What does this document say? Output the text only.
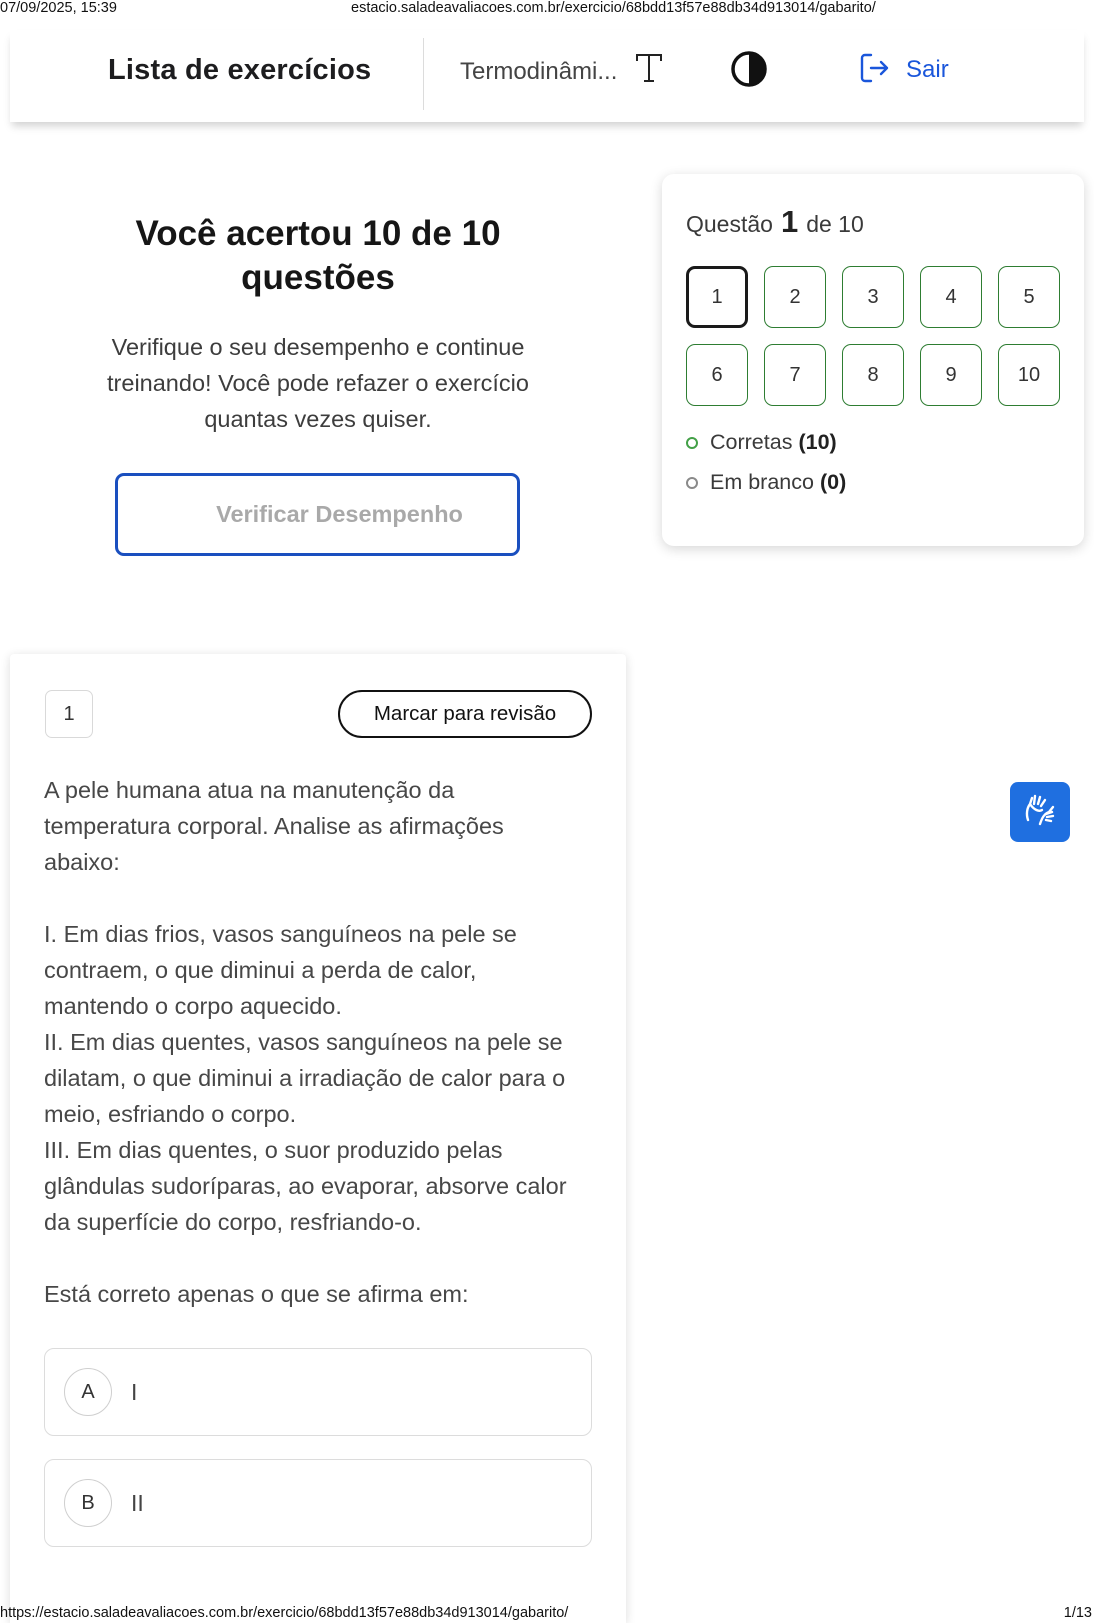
07/09/2025, 15:39	estacio.saladeavaliacoes.com.br/exercicio/68bdd13f57e88db34d913014/gabarito/
Lista de exercícios	Termodinâmi...	Sair
Você acertou 10 de 10 questões

Verifique o seu desempenho e continue treinando! Você pode refazer o exercício quantas vezes quiser.

Verificar Desempenho
Questão 1 de 10
1	2	3	4	5
6	7	8	9	10
Corretas (10)
Em branco (0)
1	Marcar para revisão

A pele humana atua na manutenção da temperatura corporal. Analise as afirmações abaixo:

I. Em dias frios, vasos sanguíneos na pele se contraem, o que diminui a perda de calor, mantendo o corpo aquecido.

II. Em dias quentes, vasos sanguíneos na pele se dilatam, o que diminui a irradiação de calor para o meio, esfriando o corpo.

III. Em dias quentes, o suor produzido pelas glândulas sudoríparas, ao evaporar, absorve calor da superfície do corpo, resfriando-o.

Está correto apenas o que se afirma em:

A	I
B	II
https://estacio.saladeavaliacoes.com.br/exercicio/68bdd13f57e88db34d913014/gabarito/	1/13
